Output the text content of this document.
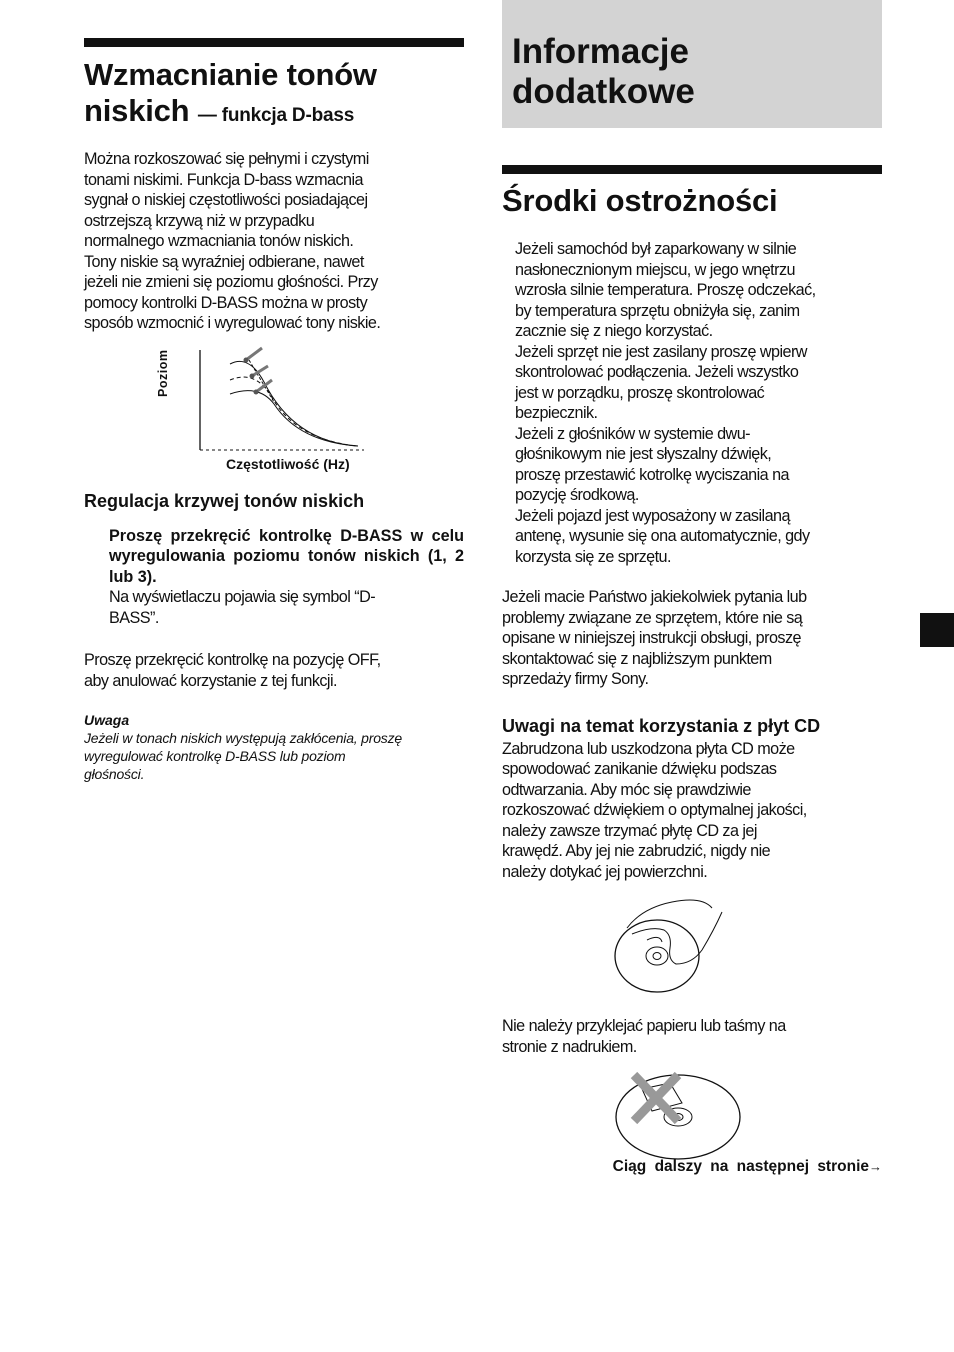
Wzmacnianie tonów niskich — funkcja D-bass

Można rozkoszować się pełnymi i czystymi

tonami niskimi. Funkcja D-bass wzmacnia

sygnał o niskiej częstotliwości posiadającej

ostrzejszą krzywą niż w przypadku

normalnego wzmacniania tonów niskich.

Tony niskie są wyraźniej odbierane, nawet

jeżeli nie zmieni się poziomu głośności. Przy

pomocy kontrolki D-BASS można w prosty

sposób wzmocnić i wyregulować tony niskie.

Poziom
Częstotliwość (Hz)
Regulacja krzywej tonów niskich
Proszę przekręcić kontrolkę D-BASS w celu wyregulowania poziomu tonów niskich (1, 2 lub 3).

Na wyświetlaczu pojawia się symbol “D-

BASS”.

Proszę przekręcić kontrolkę na pozycję OFF,

aby anulować korzystanie z tej funkcji.

Uwaga
Jeżeli w tonach niskich występują zakłócenia, proszę
wyregulować kontrolkę D-BASS lub poziom
głośności.
Informacje
dodatkowe
Środki ostrożności

Jeżeli samochód był zaparkowany w silnie

nasłonecznionym miejscu, w jego wnętrzu

wzrosła silnie temperatura. Proszę odczekać,

by temperatura sprzętu obniżyła się, zanim

zacznie się z niego korzystać.

Jeżeli sprzęt nie jest zasilany proszę wpierw

skontrolować podłączenia. Jeżeli wszystko

jest w porządku, proszę skontrolować

bezpiecznik.

Jeżeli z głośników w systemie dwu-

głośnikowym nie jest słyszalny dźwięk,

proszę przestawić kotrolkę wyciszania na

pozycję środkową.

Jeżeli pojazd jest wyposażony w zasilaną

antenę, wysunie się ona automatycznie, gdy

korzysta się ze sprzętu.

Jeżeli macie Państwo jakiekolwiek pytania lub

problemy związane ze sprzętem, które nie są

opisane w niniejszej instrukcji obsługi, proszę

skontaktować się z najbliższym punktem

sprzedaży firmy Sony.

Uwagi na temat korzystania z płyt CD

Zabrudzona lub uszkodzona płyta CD może

spowodować zanikanie dźwięku podszas

odtwarzania. Aby móc się prawdziwie

rozkoszować dźwiękiem o optymalnej jakości,

należy zawsze trzymać płytę CD za jej

krawędź. Aby jej nie zabrudzić, nigdy nie

należy dotykać jej powierzchni.

Nie należy przyklejać papieru lub taśmy na

stronie z nadrukiem.

Ciąg dalszy na następnej stronie→
